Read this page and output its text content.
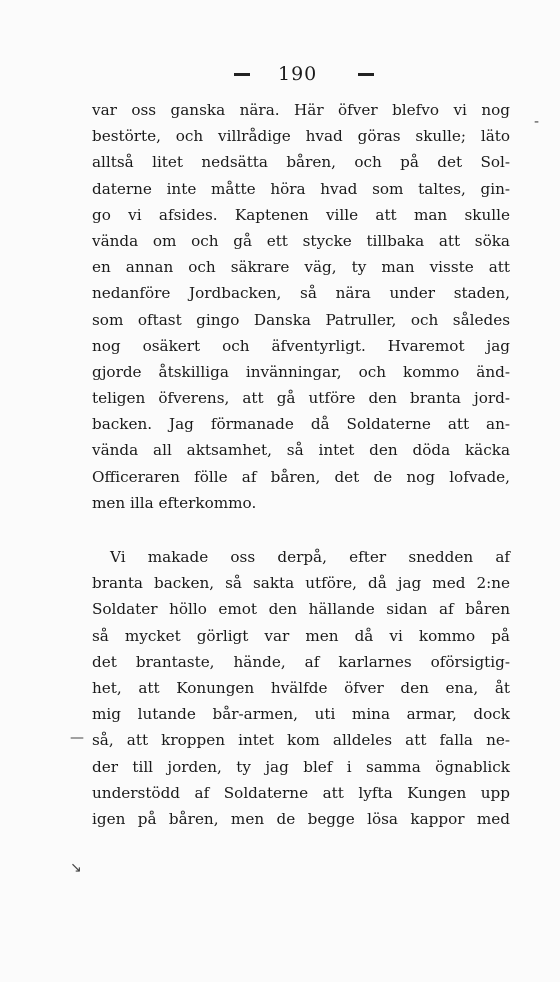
190
var oss ganska nära. Här öfver blefvo vi nog
bestörte, och villrådige hvad göras skulle; läto
alltså litet nedsätta båren, och på det Sol-
daterne inte måtte höra hvad som taltes, gin-
go vi afsides. Kaptenen ville att man skulle
vända om och gå ett stycke tillbaka att söka
en annan och säkrare väg, ty man visste att
nedanföre Jordbacken, så nära under staden,
som oftast gingo Danska Patruller, och således
nog osäkert och äfventyrligt. Hvaremot jag
gjorde åtskilliga invänningar, och kommo änd-
teligen öfverens, att gå utföre den branta jord-
backen. Jag förmanade då Soldaterne att an-
vända all aktsamhet, så intet den döda käcka
Officeraren fölle af båren, det de nog lofvade,
men illa efterkommo.
Vi makade oss derpå, efter snedden af
branta backen, så sakta utföre, då jag med 2:ne
Soldater höllo emot den hällande sidan af båren
så mycket görligt var men då vi kommo på
det brantaste, hände, af karlarnes oförsigtig-
het, att Konungen hvälfde öfver den ena, åt
mig lutande bår-armen, uti mina armar, dock
så, att kroppen intet kom alldeles att falla ne-
der till jorden, ty jag blef i samma ögnablick
understödd af Soldaterne att lyfta Kungen upp
igen på båren, men de begge lösa kappor med
-
—
↘
